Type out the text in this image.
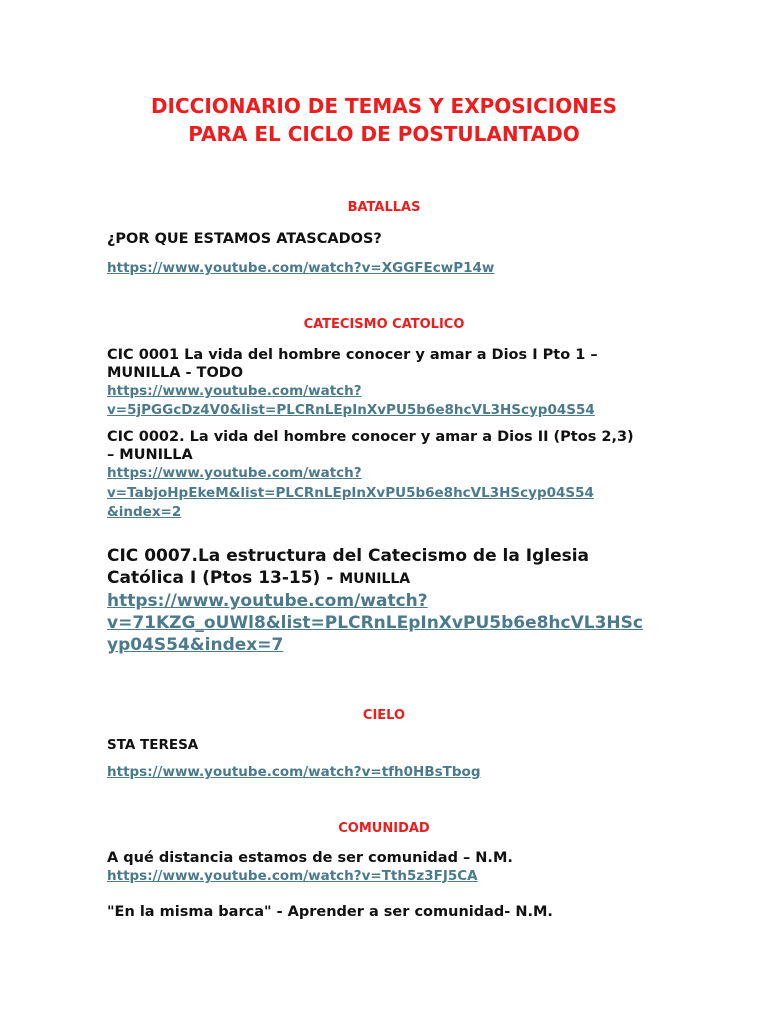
DICCIONARIO DE TEMAS Y EXPOSICIONES
PARA EL CICLO DE POSTULANTADO
BATALLAS
¿POR QUE ESTAMOS ATASCADOS?
https://www.youtube.com/watch?v=XGGFEcwP14w
CATECISMO CATOLICO
CIC 0001 La vida del hombre conocer y amar a Dios I Pto 1 –
MUNILLA - TODO
https://www.youtube.com/watch?
v=5jPGGcDz4V0&list=PLCRnLEpInXvPU5b6e8hcVL3HScyp04S54
CIC 0002. La vida del hombre conocer y amar a Dios II (Ptos 2,3)
– MUNILLA
https://www.youtube.com/watch?
v=TabjoHpEkeM&list=PLCRnLEpInXvPU5b6e8hcVL3HScyp04S54
&index=2
CIC 0007.La estructura del Catecismo de la Iglesia
Católica I (Ptos 13-15) - MUNILLA
https://www.youtube.com/watch?
v=71KZG_oUWl8&list=PLCRnLEpInXvPU5b6e8hcVL3HSc
yp04S54&index=7
CIELO
STA TERESA
https://www.youtube.com/watch?v=tfh0HBsTbog
COMUNIDAD
A qué distancia estamos de ser comunidad – N.M.
https://www.youtube.com/watch?v=Tth5z3FJ5CA
"En la misma barca" - Aprender a ser comunidad- N.M.
